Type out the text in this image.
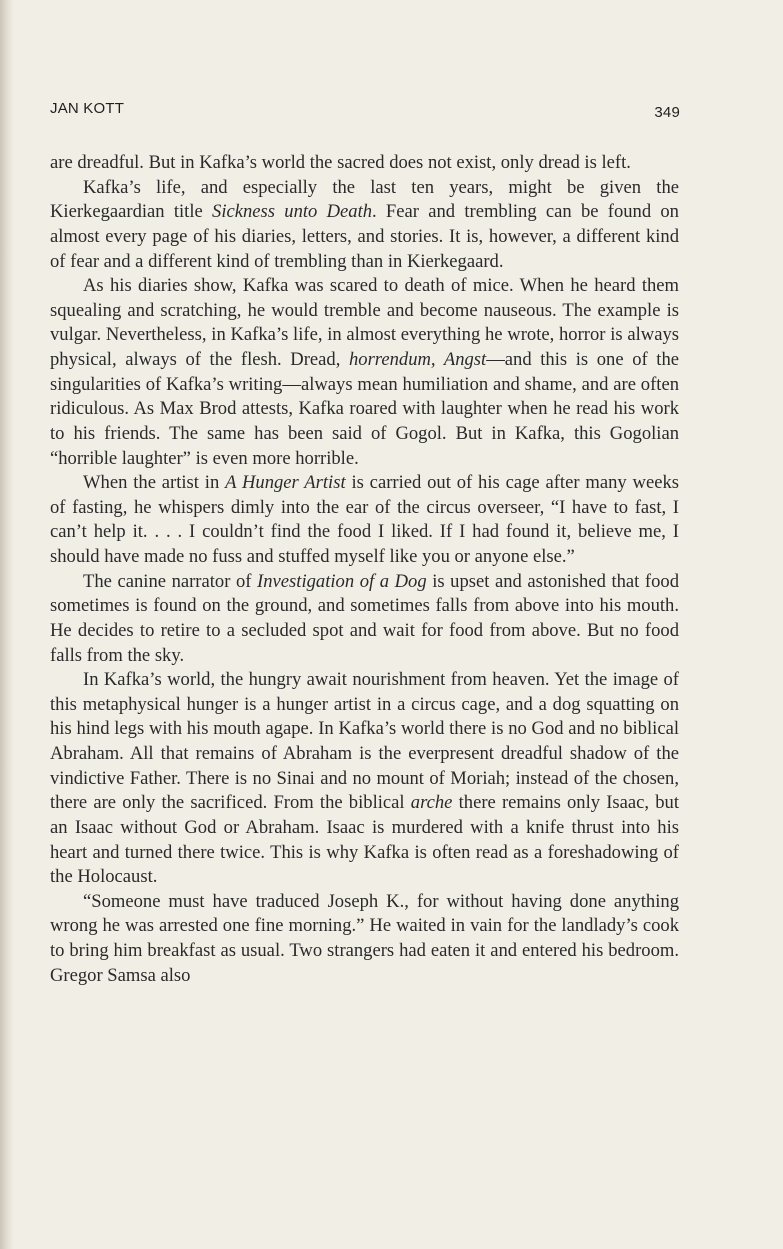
JAN KOTT	349

are dreadful. But in Kafka’s world the sacred does not exist, only dread is left.

Kafka’s life, and especially the last ten years, might be given the Kierkegaardian title Sickness unto Death. Fear and trembling can be found on almost every page of his diaries, letters, and stories. It is, however, a different kind of fear and a different kind of trembling than in Kierkegaard.

As his diaries show, Kafka was scared to death of mice. When he heard them squealing and scratching, he would tremble and become nauseous. The example is vulgar. Nevertheless, in Kafka’s life, in almost everything he wrote, horror is always physical, always of the flesh. Dread, horrendum, Angst—and this is one of the singularities of Kafka’s writing—always mean humiliation and shame, and are often ridiculous. As Max Brod attests, Kafka roared with laughter when he read his work to his friends. The same has been said of Gogol. But in Kafka, this Gogolian “horrible laughter” is even more horrible.

When the artist in A Hunger Artist is carried out of his cage after many weeks of fasting, he whispers dimly into the ear of the circus overseer, “I have to fast, I can’t help it. . . . I couldn’t find the food I liked. If I had found it, believe me, I should have made no fuss and stuffed myself like you or anyone else.”

The canine narrator of Investigation of a Dog is upset and astonished that food sometimes is found on the ground, and sometimes falls from above into his mouth. He decides to retire to a secluded spot and wait for food from above. But no food falls from the sky.

In Kafka’s world, the hungry await nourishment from heaven. Yet the image of this metaphysical hunger is a hunger artist in a circus cage, and a dog squatting on his hind legs with his mouth agape. In Kafka’s world there is no God and no biblical Abraham. All that remains of Abraham is the everpresent dreadful shadow of the vindictive Father. There is no Sinai and no mount of Moriah; instead of the chosen, there are only the sacrificed. From the biblical arche there remains only Isaac, but an Isaac without God or Abraham. Isaac is murdered with a knife thrust into his heart and turned there twice. This is why Kafka is often read as a foreshadowing of the Holocaust.

“Someone must have traduced Joseph K., for without having done anything wrong he was arrested one fine morning.” He waited in vain for the landlady’s cook to bring him breakfast as usual. Two strangers had eaten it and entered his bedroom. Gregor Samsa also
